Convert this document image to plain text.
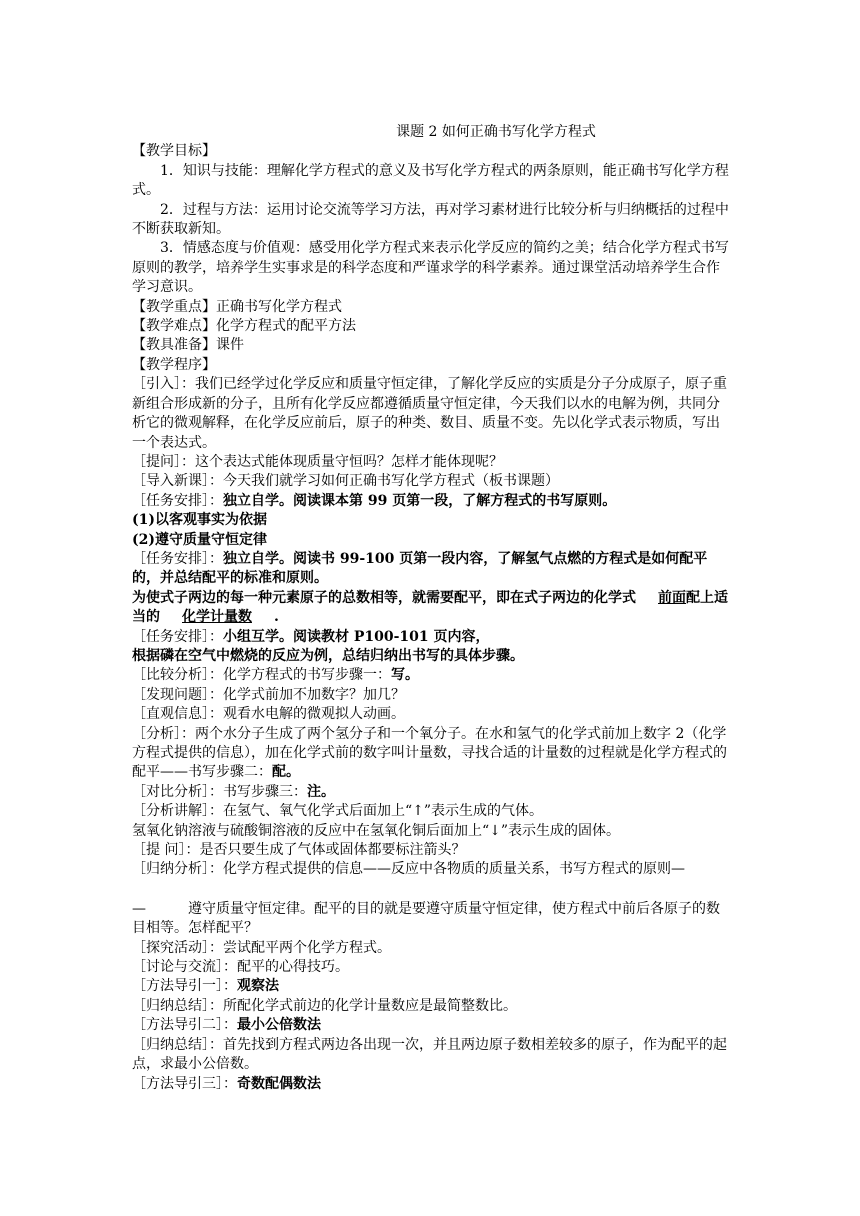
课题 2 如何正确书写化学方程式

【教学目标】

1．知识与技能：理解化学方程式的意义及书写化学方程式的两条原则，能正确书写化学方程式。

2．过程与方法：运用讨论交流等学习方法，再对学习素材进行比较分析与归纳概括的过程中不断获取新知。

3．情感态度与价值观：感受用化学方程式来表示化学反应的简约之美；结合化学方程式书写原则的教学，培养学生实事求是的科学态度和严谨求学的科学素养。通过课堂活动培养学生合作学习意识。

【教学重点】正确书写化学方程式

【教学难点】化学方程式的配平方法

【教具准备】课件

【教学程序】

［引入］：我们已经学过化学反应和质量守恒定律，了解化学反应的实质是分子分成原子，原子重新组合形成新的分子，且所有化学反应都遵循质量守恒定律，今天我们以水的电解为例，共同分析它的微观解释，在化学反应前后，原子的种类、数目、质量不变。先以化学式表示物质，写出一个表达式。

［提问］：这个表达式能体现质量守恒吗？怎样才能体现呢？

［导入新课］：今天我们就学习如何正确书写化学方程式（板书课题）

［任务安排］：独立自学。阅读课本第 99 页第一段，了解方程式的书写原则。

(1)以客观事实为依据

(2)遵守质量守恒定律

［任务安排］：独立自学。阅读书 99-100 页第一段内容，了解氢气点燃的方程式是如何配平的，并总结配平的标准和原则。

为使式子两边的每一种元素原子的总数相等，就需要配平，即在式子两边的化学式 前面配上适当的 化学计量数 .

［任务安排］：小组互学。阅读教材 P100-101 页内容，

根据磷在空气中燃烧的反应为例，总结归纳出书写的具体步骤。

［比较分析］：化学方程式的书写步骤一：写。

［发现问题］：化学式前加不加数字？加几？

［直观信息］：观看水电解的微观拟人动画。

［分析］：两个水分子生成了两个氢分子和一个氧分子。在水和氢气的化学式前加上数字 2（化学方程式提供的信息），加在化学式前的数字叫计量数，寻找合适的计量数的过程就是化学方程式的配平——书写步骤二：配。

［对比分析］：书写步骤三：注。

［分析讲解］：在氢气、氧气化学式后面加上“↑”表示生成的气体。

氢氧化钠溶液与硫酸铜溶液的反应中在氢氧化铜后面加上“↓”表示生成的固体。

［提 问］：是否只要生成了气体或固体都要标注箭头？

［归纳分析］：化学方程式提供的信息——反应中各物质的质量关系，书写方程式的原则—

—	遵守质量守恒定律。配平的目的就是要遵守质量守恒定律，使方程式中前后各原子的数目相等。怎样配平？

［探究活动］：尝试配平两个化学方程式。

［讨论与交流］：配平的心得技巧。

［方法导引一］：观察法

［归纳总结］：所配化学式前边的化学计量数应是最简整数比。

［方法导引二］：最小公倍数法

［归纳总结］：首先找到方程式两边各出现一次，并且两边原子数相差较多的原子，作为配平的起点，求最小公倍数。

［方法导引三］：奇数配偶数法
